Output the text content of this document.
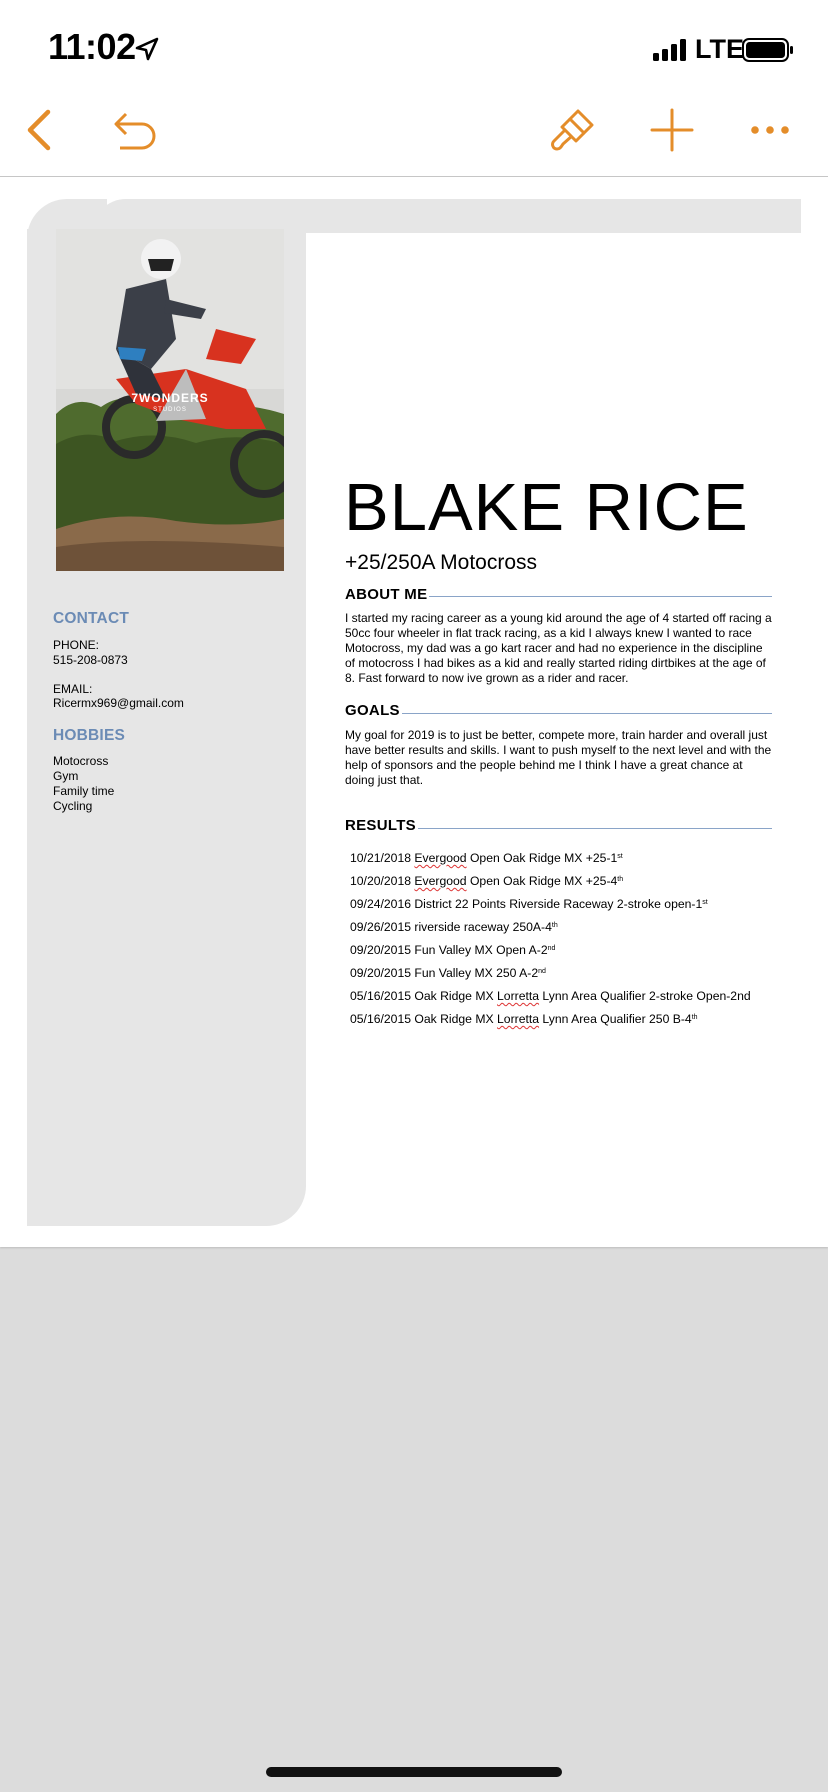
11:02	LTE
7WONDERS
STUDIOS
CONTACT
PHONE:
515-208-0873
EMAIL:
Ricermx969@gmail.com
HOBBIES
Motocross
Gym
Family time
Cycling
BLAKE RICE
+25/250A Motocross
ABOUT ME
I started my racing career as a young kid around the age of 4 started off racing a 50cc four wheeler in flat track racing, as a kid I always knew I wanted to race Motocross, my dad was a go kart racer and had no experience in the discipline of motocross I had bikes as a kid and really started riding dirtbikes at the age of 8. Fast forward to now ive grown as a rider and racer.
GOALS
My goal for 2019 is to just be better, compete more, train harder and overall just have better results and skills. I want to push myself to the next level and with the help of sponsors and the people behind me I think I have a great chance at doing just that.
RESULTS
10/21/2018 Evergood Open Oak Ridge MX +25-1st
10/20/2018 Evergood Open Oak Ridge MX +25-4th
09/24/2016 District 22 Points Riverside Raceway 2-stroke open-1st
09/26/2015 riverside raceway 250A-4th
09/20/2015 Fun Valley MX Open A-2nd
09/20/2015 Fun Valley MX 250 A-2nd
05/16/2015 Oak Ridge MX Lorretta Lynn Area Qualifier 2-stroke Open-2nd
05/16/2015 Oak Ridge MX Lorretta Lynn Area Qualifier 250 B-4th
